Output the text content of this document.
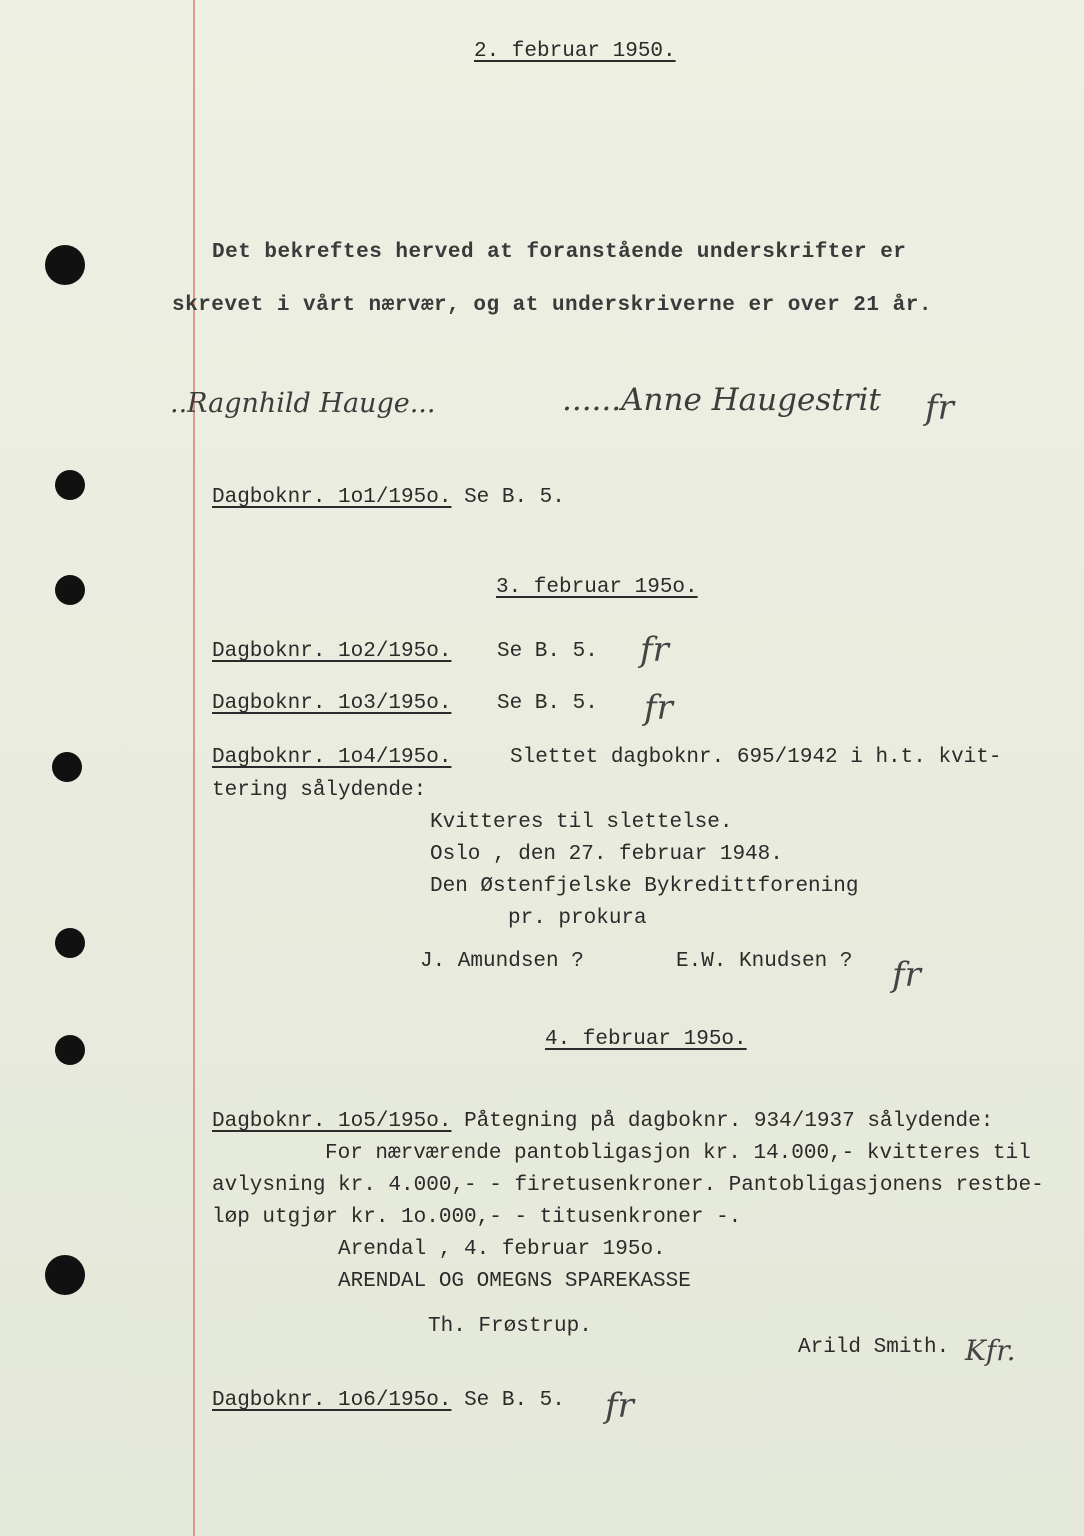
2. februar 1950.
Det bekreftes herved at foranstående underskrifter er
skrevet i vårt nærvær, og at underskriverne er over 21 år.
..Ragnhild Hauge...	......Anne Haugestrit fr
Dagboknr. 1o1/195o. Se B. 5.
3. februar 195o.
Dagboknr. 1o2/195o. Se B. 5. fr
Dagboknr. 1o3/195o. Se B. 5. fr
Dagboknr. 1o4/195o.	Slettet dagboknr. 695/1942 i h.t. kvit-
tering sålydende:
Kvitteres til slettelse.
Oslo , den 27. februar 1948.
Den Østenfjelske Bykredittforening
pr. prokura
J. Amundsen ?	E.W. Knudsen ? fr
4. februar 195o.
Dagboknr. 1o5/195o. Påtegning på dagboknr. 934/1937 sålydende:
For nærværende pantobligasjon kr. 14.000,- kvitteres til
avlysning kr. 4.000,- - firetusenkroner. Pantobligasjonens restbe-
løp utgjør kr. 1o.000,- - titusenkroner -.
Arendal , 4. februar 195o.
ARENDAL OG OMEGNS SPAREKASSE
Th. Frøstrup.
Arild Smith. Kfr.
Dagboknr. 1o6/195o. Se B. 5. fr
